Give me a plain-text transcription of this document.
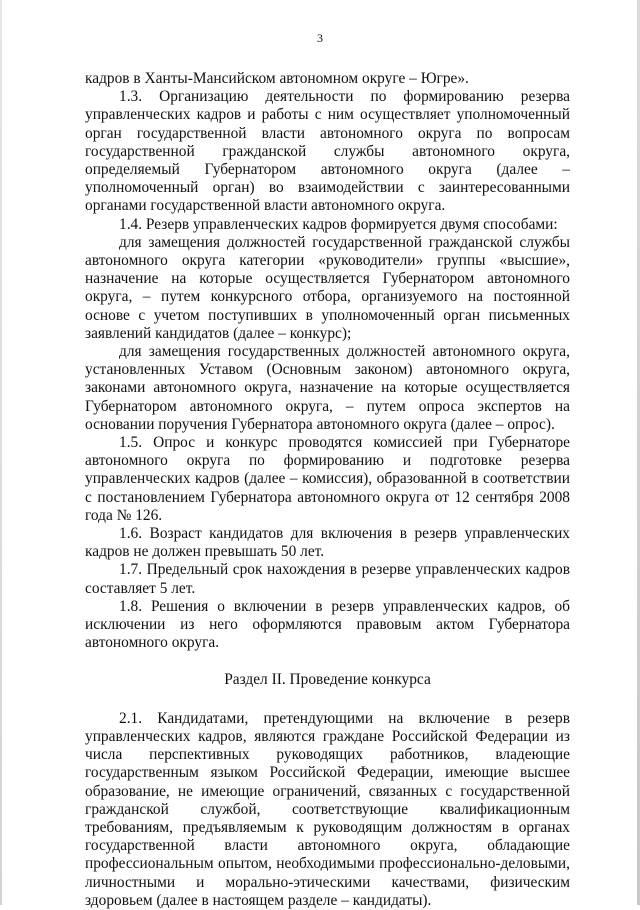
3

кадров в Ханты-Мансийском автономном округе – Югре».

1.3. Организацию деятельности по формированию резерва управленческих кадров и работы с ним осуществляет уполномоченный орган государственной власти автономного округа по вопросам государственной гражданской службы автономного округа, определяемый Губернатором автономного округа (далее – уполномоченный орган) во взаимодействии с заинтересованными органами государственной власти автономного округа.

1.4. Резерв управленческих кадров формируется двумя способами:

для замещения должностей государственной гражданской службы автономного округа категории «руководители» группы «высшие», назначение на которые осуществляется Губернатором автономного округа, – путем конкурсного отбора, организуемого на постоянной основе с учетом поступивших в уполномоченный орган письменных заявлений кандидатов (далее – конкурс);

для замещения государственных должностей автономного округа, установленных Уставом (Основным законом) автономного округа, законами автономного округа, назначение на которые осуществляется Губернатором автономного округа, – путем опроса экспертов на основании поручения Губернатора автономного округа (далее – опрос).

1.5. Опрос и конкурс проводятся комиссией при Губернаторе автономного округа по формированию и подготовке резерва управленческих кадров (далее – комиссия), образованной в соответствии с постановлением Губернатора автономного округа от 12 сентября 2008 года № 126.

1.6. Возраст кандидатов для включения в резерв управленческих кадров не должен превышать 50 лет.

1.7. Предельный срок нахождения в резерве управленческих кадров составляет 5 лет.

1.8. Решения о включении в резерв управленческих кадров, об исключении из него оформляются правовым актом Губернатора автономного округа.

Раздел II. Проведение конкурса

2.1. Кандидатами, претендующими на включение в резерв управленческих кадров, являются граждане Российской Федерации из числа перспективных руководящих работников, владеющие государственным языком Российской Федерации, имеющие высшее образование, не имеющие ограничений, связанных с государственной гражданской службой, соответствующие квалификационным требованиям, предъявляемым к руководящим должностям в органах государственной власти автономного округа, обладающие профессиональным опытом, необходимыми профессионально-деловыми, личностными и морально-этическими качествами, физическим здоровьем (далее в настоящем разделе – кандидаты).
